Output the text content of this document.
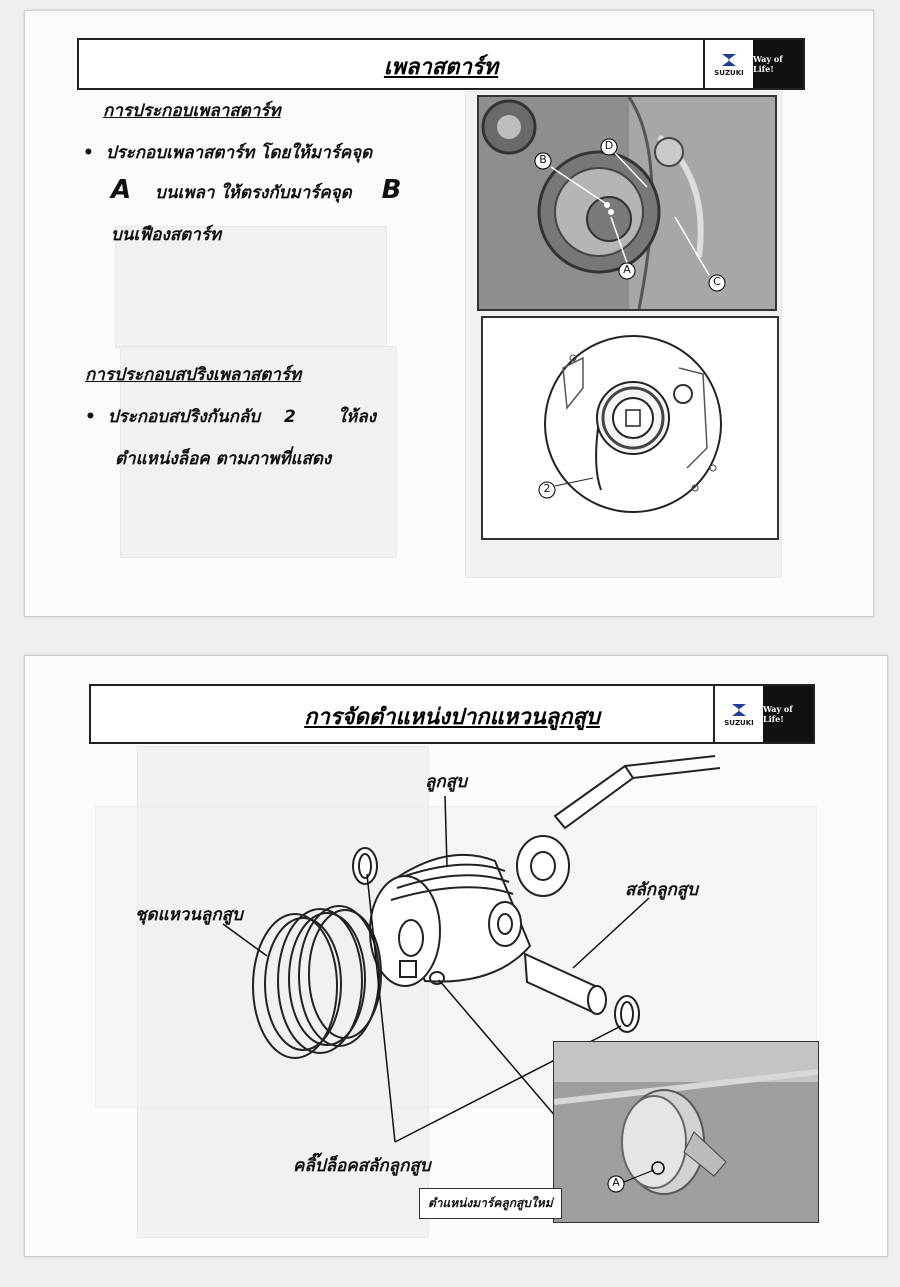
เพลาสตาร์ท	SUZUKI
Way of Life!
การประกอบเพลาสตาร์ท
•  ประกอบเพลาสตาร์ท โดยให้มาร์คจุด
A บนเพลา ให้ตรงกับมาร์คจุด B
บนเฟืองสตาร์ท
การประกอบสปริงเพลาสตาร์ท
•  ประกอบสปริงกันกลับ 2 ให้ลง
ตำแหน่งล็อค ตามภาพที่แสดง
B
D
A
C
2
การจัดตำแหน่งปากแหวนลูกสูบ	SUZUKI
Way of Life!
ลูกสูบ
ชุดแหวนลูกสูบ
สลักลูกสูบ
คลิ๊ปล็อคสลักลูกสูบ
A
ตำแหน่งมาร์คลูกสูบใหม่
